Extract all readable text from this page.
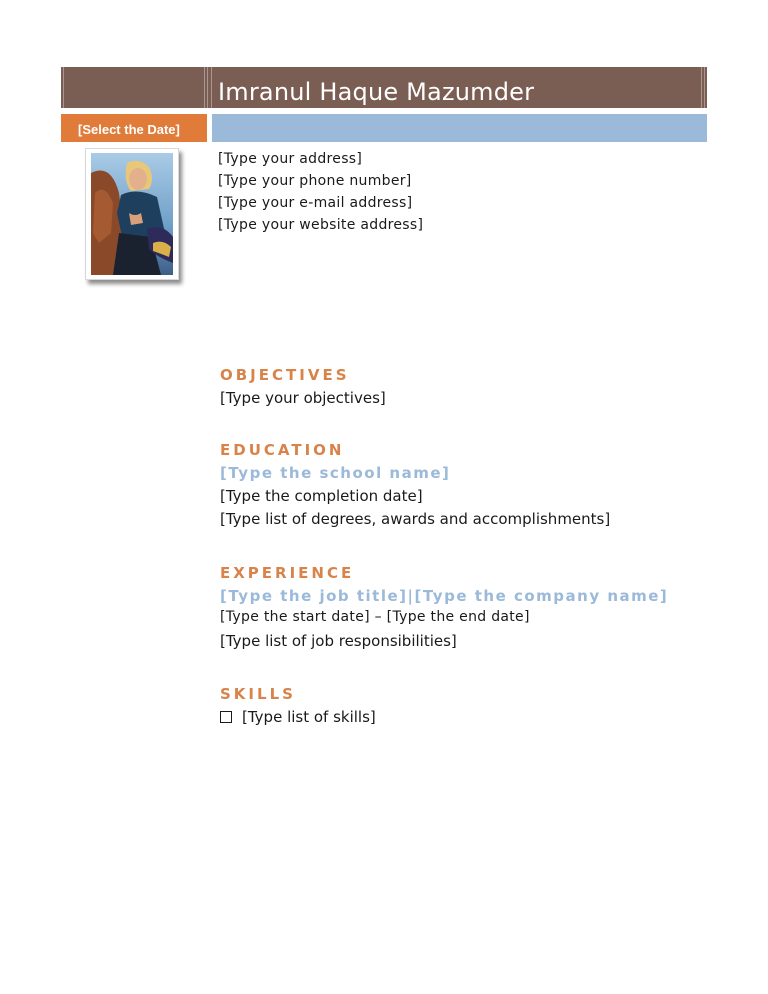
Imranul Haque Mazumder
[Select the Date]
[Type your address]
[Type your phone number]
[Type your e-mail address]
[Type your website address]
OBJECTIVES
[Type your objectives]
EDUCATION
[Type the school name]
[Type the completion date]
[Type list of degrees, awards and accomplishments]
EXPERIENCE
[Type the job title]|[Type the company name]
[Type the start date] – [Type the end date]
[Type list of job responsibilities]
SKILLS
[Type list of skills]
